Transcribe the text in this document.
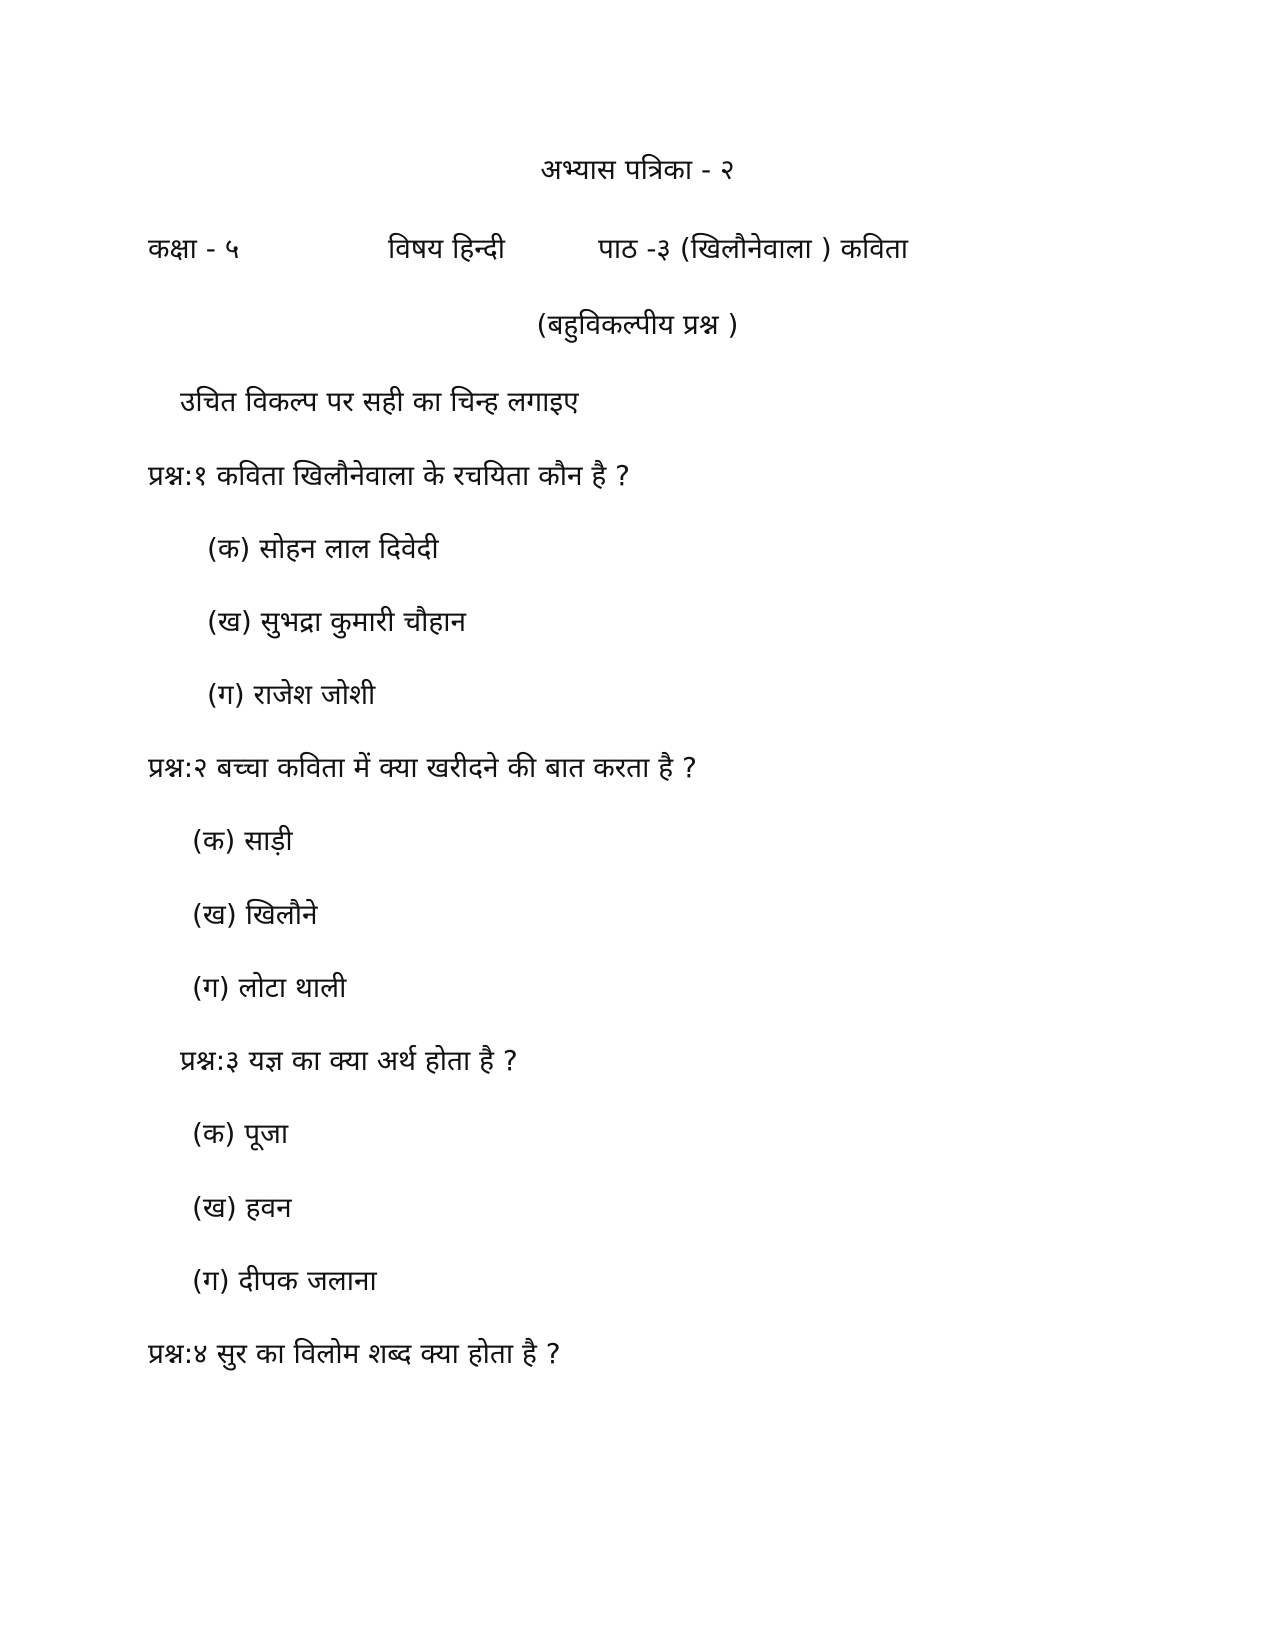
अभ्यास पत्रिका - २
कक्षा - ५	विषय हिन्दी	पाठ -३ (खिलौनेवाला ) कविता
(बहुविकल्पीय प्रश्न )
उचित विकल्प पर सही का चिन्ह लगाइए
प्रश्न:१ कविता खिलौनेवाला के रचयिता कौन है ?
(क) सोहन लाल दिवेदी
(ख) सुभद्रा कुमारी चौहान
(ग) राजेश जोशी
प्रश्न:२ बच्चा कविता में क्या खरीदने की बात करता है ?
(क) साड़ी
(ख) खिलौने
(ग) लोटा थाली
प्रश्न:३ यज्ञ का क्या अर्थ होता है ?
(क) पूजा
(ख) हवन
(ग) दीपक जलाना
प्रश्न:४ सुर का विलोम शब्द क्या होता है ?
